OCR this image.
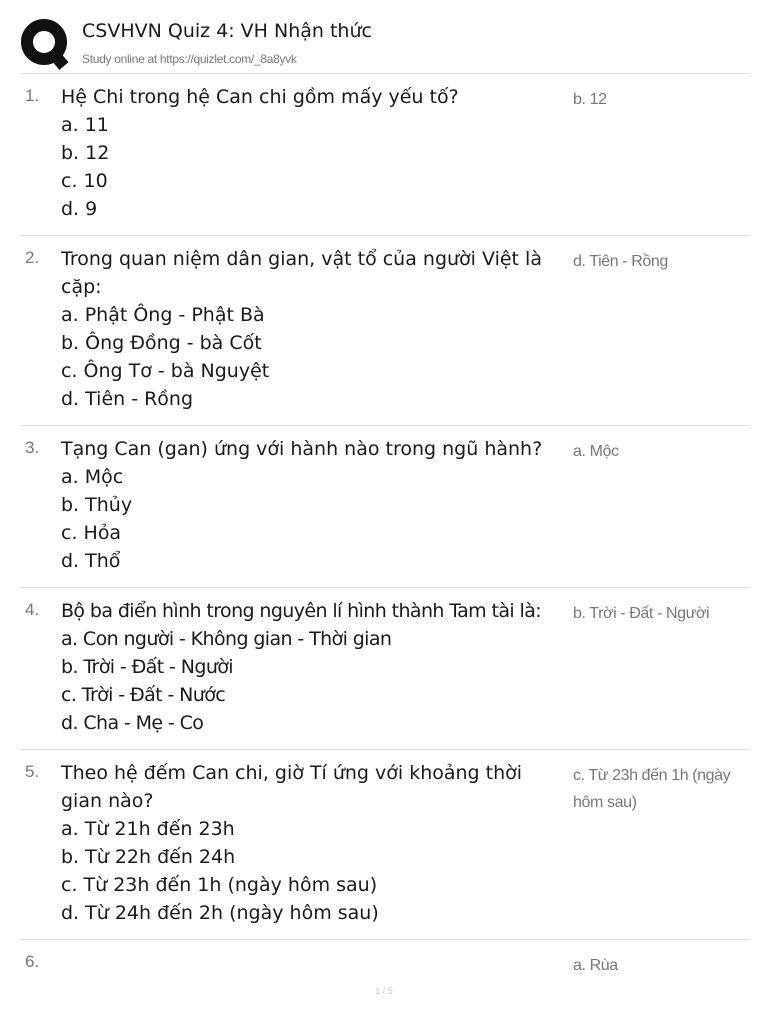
CSVHVN Quiz 4: VH Nhận thức
Study online at https://quizlet.com/_8a8yvk
1. Hệ Chi trong hệ Can chi gồm mấy yếu tố?
a. 11
b. 12
c. 10
d. 9
b. 12
2. Trong quan niệm dân gian, vật tổ của người Việt là cặp:
a. Phật Ông - Phật Bà
b. Ông Đồng - bà Cốt
c. Ông Tơ - bà Nguyệt
d. Tiên - Rồng
d. Tiên - Rồng
3. Tạng Can (gan) ứng với hành nào trong ngũ hành?
a. Mộc
b. Thủy
c. Hỏa
d. Thổ
a. Mộc
4. Bộ ba điển hình trong nguyên lí hình thành Tam tài là:
a. Con người - Không gian - Thời gian
b. Trời - Đất - Người
c. Trời - Đất - Nước
d. Cha - Mẹ - Co
b. Trời - Đất - Người
5. Theo hệ đếm Can chi, giờ Tí ứng với khoảng thời gian nào?
a. Từ 21h đến 23h
b. Từ 22h đến 24h
c. Từ 23h đến 1h (ngày hôm sau)
d. Từ 24h đến 2h (ngày hôm sau)
c. Từ 23h đến 1h (ngày hôm sau)
6.	a. Rùa
1 / 5
